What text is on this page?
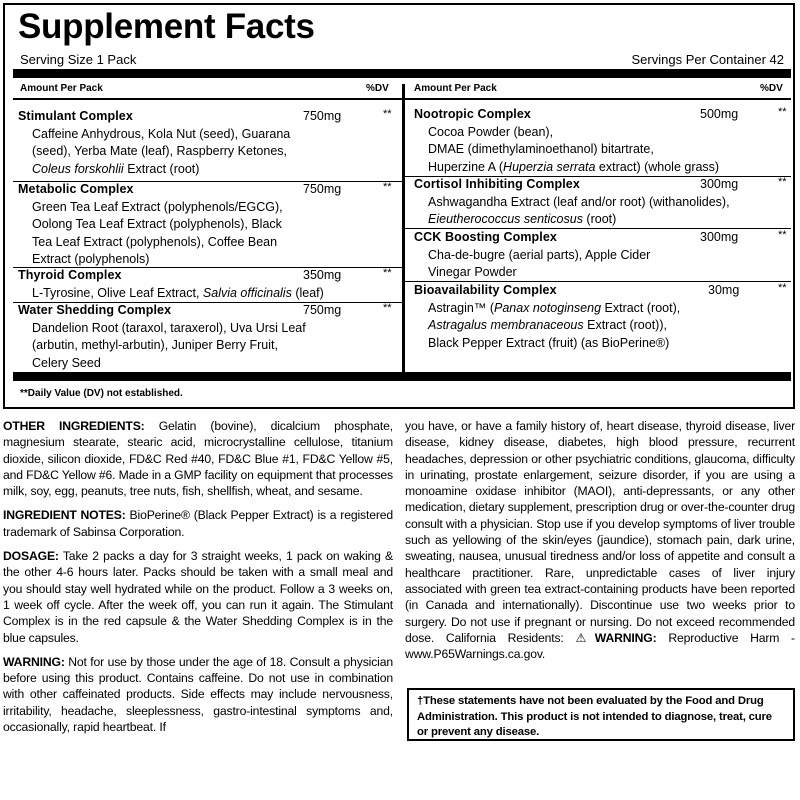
Supplement Facts
Serving Size 1 Pack	Servings Per Container 42
Amount Per Pack	%DV	Amount Per Pack	%DV
Stimulant Complex	750mg	**
Caffeine Anhydrous, Kola Nut (seed), Guarana
(seed), Yerba Mate (leaf), Raspberry Ketones,
Coleus forskohlii Extract (root)
Metabolic Complex	750mg	**
Green Tea Leaf Extract (polyphenols/EGCG),
Oolong Tea Leaf Extract (polyphenols), Black
Tea Leaf Extract (polyphenols), Coffee Bean
Extract (polyphenols)
Thyroid Complex	350mg	**
L-Tyrosine, Olive Leaf Extract, Salvia officinalis (leaf)
Water Shedding Complex	750mg	**
Dandelion Root (taraxol, taraxerol), Uva Ursi Leaf
(arbutin, methyl-arbutin), Juniper Berry Fruit,
Celery Seed
Nootropic Complex	500mg	**
Cocoa Powder (bean),
DMAE (dimethylaminoethanol) bitartrate,
Huperzine A (Huperzia serrata extract) (whole grass)
Cortisol Inhibiting Complex	300mg	**
Ashwagandha Extract (leaf and/or root) (withanolides),
Eieutherococcus senticosus (root)
CCK Boosting Complex	300mg	**
Cha-de-bugre (aerial parts), Apple Cider
Vinegar Powder
Bioavailability Complex	30mg	**
Astragin™ (Panax notoginseng Extract (root),
Astragalus membranaceous Extract (root)),
Black Pepper Extract (fruit) (as BioPerine®)
**Daily Value (DV) not established.

OTHER INGREDIENTS: Gelatin (bovine), dicalcium phosphate, magnesium stearate, stearic acid, microcrystalline cellulose, titanium dioxide, silicon dioxide, FD&C Red #40, FD&C Blue #1, FD&C Yellow #5, and FD&C Yellow #6. Made in a GMP facility on equipment that processes milk, soy, egg, peanuts, tree nuts, fish, shellfish, wheat, and sesame.

INGREDIENT NOTES: BioPerine® (Black Pepper Extract) is a registered trademark of Sabinsa Corporation.

DOSAGE: Take 2 packs a day for 3 straight weeks, 1 pack on waking & the other 4-6 hours later. Packs should be taken with a small meal and you should stay well hydrated while on the product. Follow a 3 weeks on, 1 week off cycle. After the week off, you can run it again. The Stimulant Complex is in the red capsule & the Water Shedding Complex is in the blue capsules.

WARNING: Not for use by those under the age of 18. Consult a physician before using this product. Contains caffeine. Do not use in combination with other caffeinated products. Side effects may include nervousness, irritability, headache, sleeplessness, gastro-intestinal symptoms and, occasionally, rapid heartbeat. If

you have, or have a family history of, heart disease, thyroid disease, liver disease, kidney disease, diabetes, high blood pressure, recurrent headaches, depression or other psychiatric conditions, glaucoma, difficulty in urinating, prostate enlargement, seizure disorder, if you are using a monoamine oxidase inhibitor (MAOI), anti-depressants, or any other medication, dietary supplement, prescription drug or over-the-counter drug consult with a physician. Stop use if you develop symptoms of liver trouble such as yellowing of the skin/eyes (jaundice), stomach pain, dark urine, sweating, nausea, unusual tiredness and/or loss of appetite and consult a healthcare practitioner. Rare, unpredictable cases of liver injury associated with green tea extract-containing products have been reported (in Canada and internationally). Discontinue use two weeks prior to surgery. Do not use if pregnant or nursing. Do not exceed recommended dose. California Residents: ⚠WARNING: Reproductive Harm - www.P65Warnings.ca.gov.

†These statements have not been evaluated by the Food and Drug Administration. This product is not intended to diagnose, treat, cure or prevent any disease.
